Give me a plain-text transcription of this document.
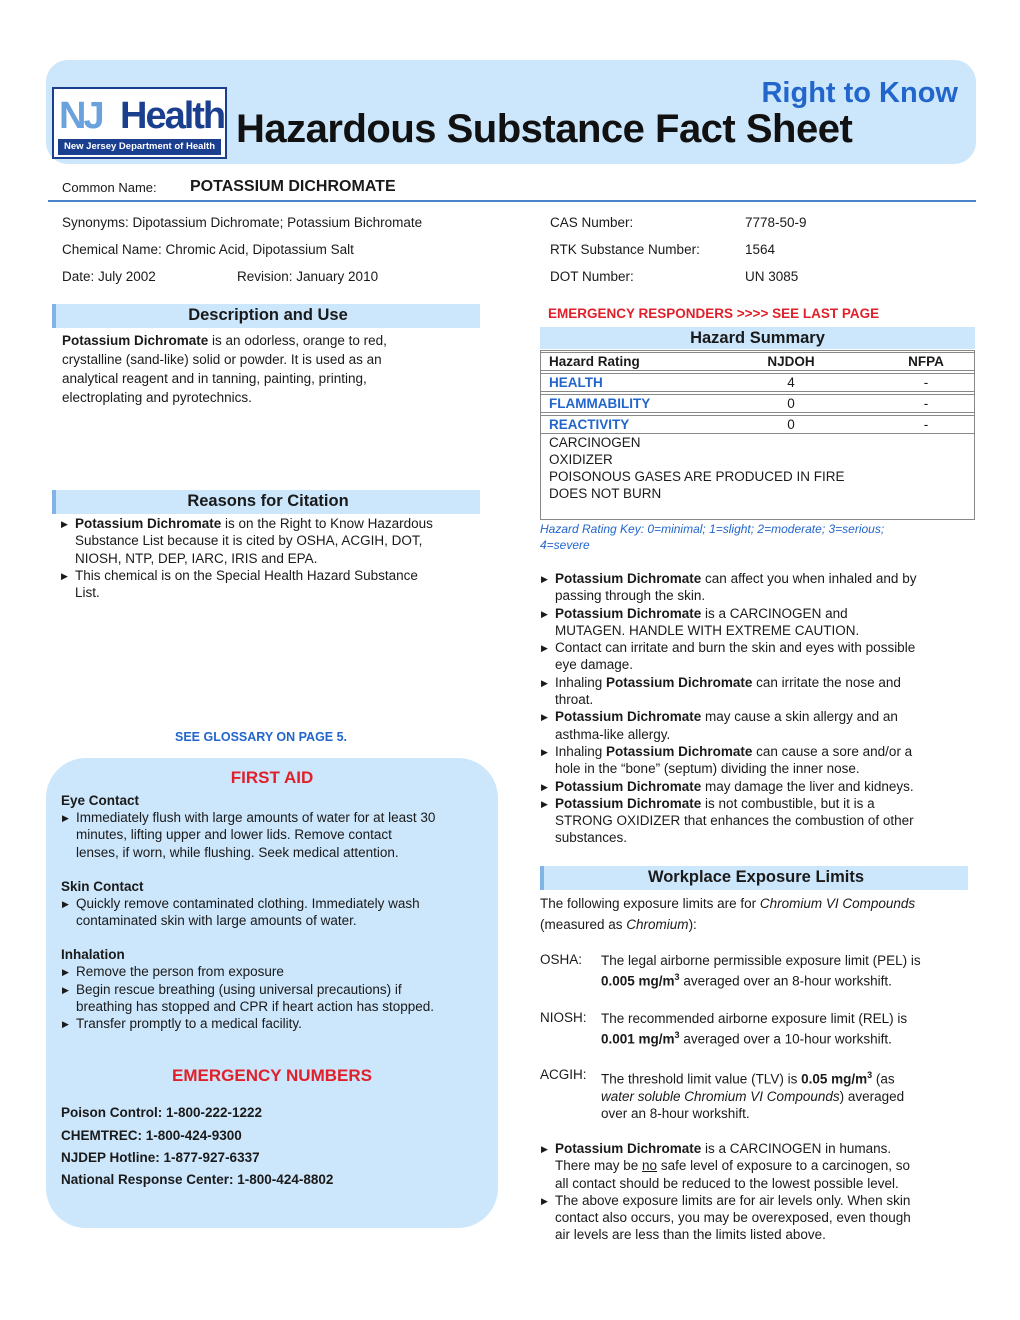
NJ Health
New Jersey Department of Health
Right to Know
Hazardous Substance Fact Sheet
Common Name: POTASSIUM DICHROMATE
Synonyms: Dipotassium Dichromate; Potassium Bichromate
Chemical Name: Chromic Acid, Dipotassium Salt
Date: July 2002	Revision: January 2010
CAS Number:	7778-50-9
RTK Substance Number:	1564
DOT Number:	UN 3085
Description and Use
Potassium Dichromate is an odorless, orange to red,
crystalline (sand-like) solid or powder. It is used as an
analytical reagent and in tanning, painting, printing,
electroplating and pyrotechnics.
Reasons for Citation
▶ Potassium Dichromate is on the Right to Know Hazardous
Substance List because it is cited by OSHA, ACGIH, DOT,
NIOSH, NTP, DEP, IARC, IRIS and EPA.
▶ This chemical is on the Special Health Hazard Substance
List.
SEE GLOSSARY ON PAGE 5.
FIRST AID
Eye Contact
▶ Immediately flush with large amounts of water for at least 30
minutes, lifting upper and lower lids. Remove contact
lenses, if worn, while flushing. Seek medical attention.
Skin Contact
▶ Quickly remove contaminated clothing. Immediately wash
contaminated skin with large amounts of water.
Inhalation
▶ Remove the person from exposure
▶ Begin rescue breathing (using universal precautions) if
breathing has stopped and CPR if heart action has stopped.
▶ Transfer promptly to a medical facility.
EMERGENCY NUMBERS
Poison Control: 1-800-222-1222
CHEMTREC: 1-800-424-9300
NJDEP Hotline: 1-877-927-6337
National Response Center: 1-800-424-8802
EMERGENCY RESPONDERS >>>> SEE LAST PAGE
Hazard Summary
Hazard Rating	NJDOH	NFPA
HEALTH	4	-
FLAMMABILITY	0	-
REACTIVITY	0	-
CARCINOGEN
OXIDIZER
POISONOUS GASES ARE PRODUCED IN FIRE
DOES NOT BURN
Hazard Rating Key: 0=minimal; 1=slight; 2=moderate; 3=serious;
4=severe
▶ Potassium Dichromate can affect you when inhaled and by
passing through the skin.
▶ Potassium Dichromate is a CARCINOGEN and
MUTAGEN. HANDLE WITH EXTREME CAUTION.
▶ Contact can irritate and burn the skin and eyes with possible
eye damage.
▶ Inhaling Potassium Dichromate can irritate the nose and
throat.
▶ Potassium Dichromate may cause a skin allergy and an
asthma-like allergy.
▶ Inhaling Potassium Dichromate can cause a sore and/or a
hole in the “bone” (septum) dividing the inner nose.
▶ Potassium Dichromate may damage the liver and kidneys.
▶ Potassium Dichromate is not combustible, but it is a
STRONG OXIDIZER that enhances the combustion of other
substances.
Workplace Exposure Limits
The following exposure limits are for Chromium VI Compounds
(measured as Chromium):
OSHA: The legal airborne permissible exposure limit (PEL) is
0.005 $mg/m^3$ averaged over an 8-hour workshift.
NIOSH: The recommended airborne exposure limit (REL) is
0.001 $mg/m^3$ averaged over a 10-hour workshift.
ACGIH: The threshold limit value (TLV) is 0.05 $mg/m^3$ (as
water soluble Chromium VI Compounds) averaged
over an 8-hour workshift.
▶ Potassium Dichromate is a CARCINOGEN in humans.
There may be no safe level of exposure to a carcinogen, so
all contact should be reduced to the lowest possible level.
▶ The above exposure limits are for air levels only. When skin
contact also occurs, you may be overexposed, even though
air levels are less than the limits listed above.
